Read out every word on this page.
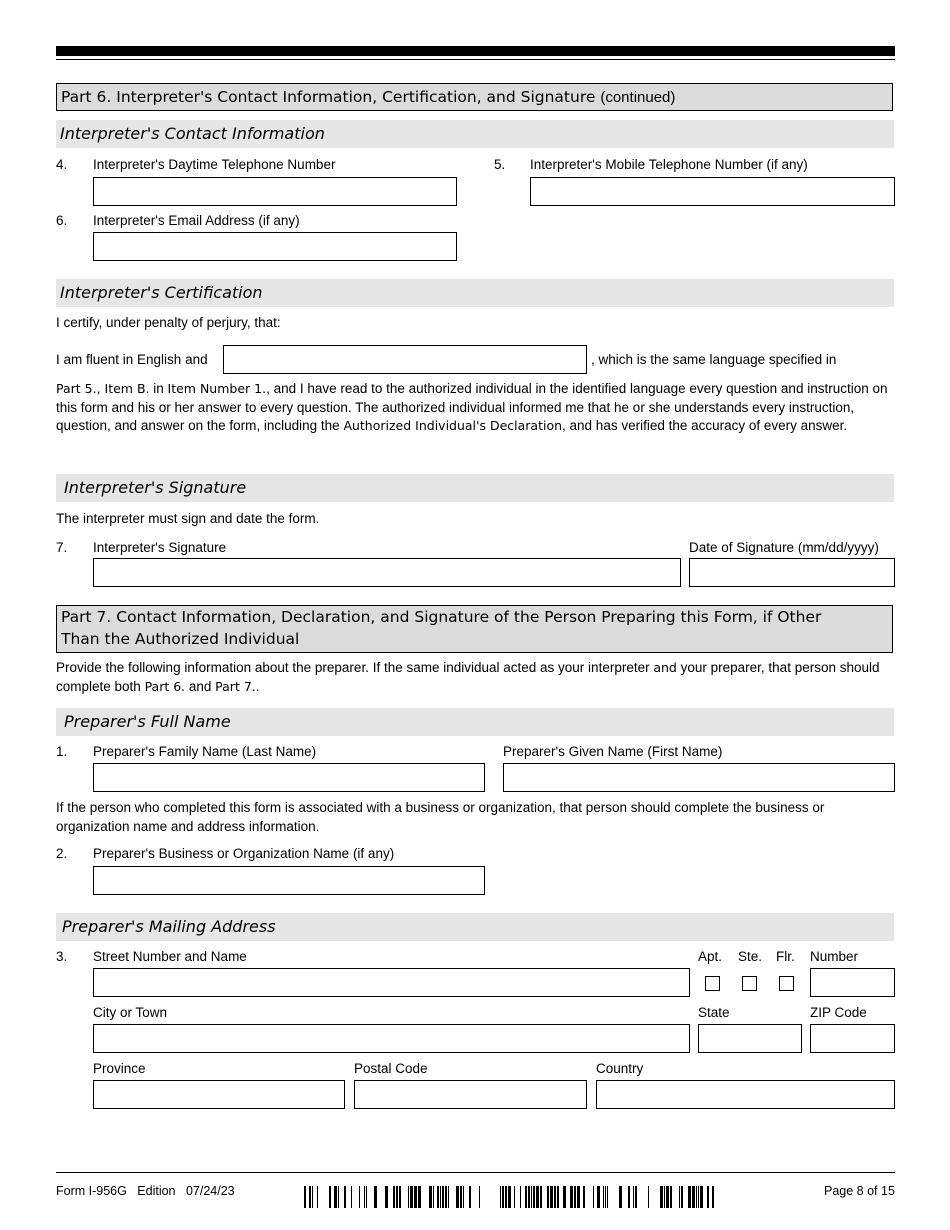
Part 6. Interpreter's Contact Information, Certification, and Signature (continued)
Interpreter's Contact Information
4. Interpreter's Daytime Telephone Number	5. Interpreter's Mobile Telephone Number (if any)
6. Interpreter's Email Address (if any)
Interpreter's Certification
I certify, under penalty of perjury, that:
I am fluent in English and	, which is the same language specified in
Part 5., Item B. in Item Number 1., and I have read to the authorized individual in the identified language every question and instruction on this form and his or her answer to every question. The authorized individual informed me that he or she understands every instruction, question, and answer on the form, including the Authorized Individual's Declaration, and has verified the accuracy of every answer.
Interpreter's Signature
The interpreter must sign and date the form.
7. Interpreter's Signature	Date of Signature (mm/dd/yyyy)
Part 7. Contact Information, Declaration, and Signature of the Person Preparing this Form, if Other
Than the Authorized Individual
Provide the following information about the preparer. If the same individual acted as your interpreter and your preparer, that person should complete both Part 6. and Part 7..
Preparer's Full Name
1. Preparer's Family Name (Last Name)	Preparer's Given Name (First Name)
If the person who completed this form is associated with a business or organization, that person should complete the business or organization name and address information.
2. Preparer's Business or Organization Name (if any)
Preparer's Mailing Address
3. Street Number and Name	Apt. Ste. Flr. Number
City or Town	State	ZIP Code
Province	Postal Code	Country
Form I-956G Edition 07/24/23	Page 8 of 15
